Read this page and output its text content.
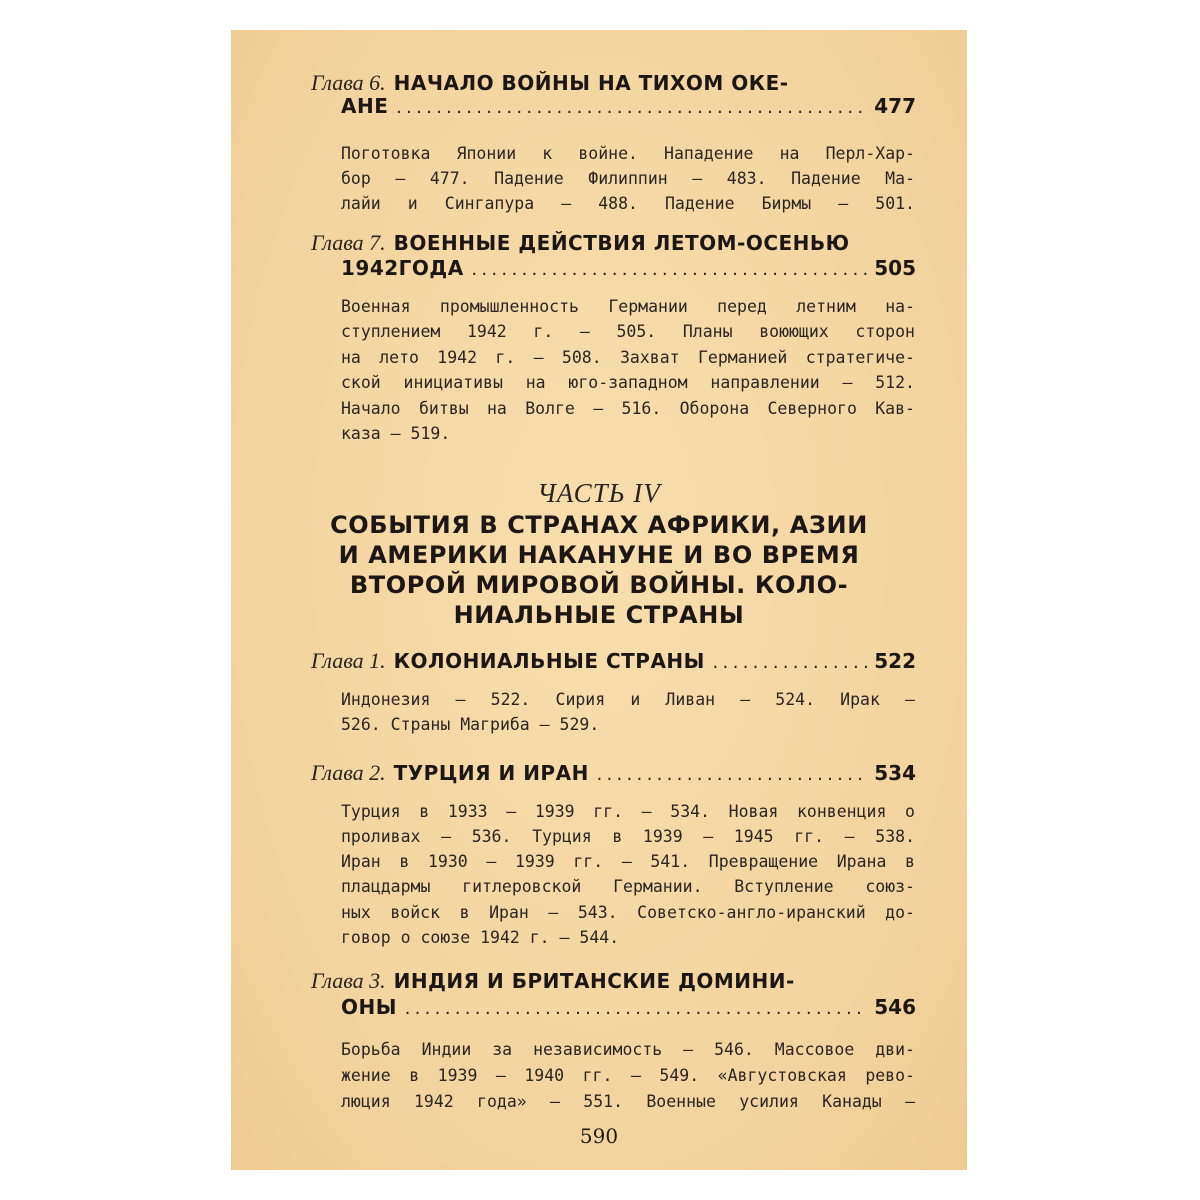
Глава 6. НАЧАЛО ВОЙНЫ НА ТИХОМ ОКЕ-
АНЕ .....	477
Поготовка Японии к войне. Нападение на Перл-Хар-
бор — 477. Падение Филиппин — 483. Падение Ма-
лайи и Сингапура — 488. Падение Бирмы — 501.
Глава 7. ВОЕННЫЕ ДЕЙСТВИЯ ЛЕТОМ-ОСЕНЬЮ
1942ГОДА .....	505
Военная промышленность Германии перед летним на-
ступлением 1942 г. — 505. Планы воюющих сторон
на лето 1942 г. — 508. Захват Германией стратегиче-
ской инициативы на юго-западном направлении — 512.
Начало битвы на Волге — 516. Оборона Северного Кав-
каза — 519.
ЧАСТЬ IV
СОБЫТИЯ В СТРАНАХ АФРИКИ, АЗИИ
И АМЕРИКИ НАКАНУНЕ И ВО ВРЕМЯ
ВТОРОЙ МИРОВОЙ ВОЙНЫ. КОЛО-
НИАЛЬНЫЕ СТРАНЫ
Глава 1. КОЛОНИАЛЬНЫЕ СТРАНЫ .....	522
Индонезия — 522. Сирия и Ливан — 524. Ирак —
526. Страны Магриба — 529.
Глава 2. ТУРЦИЯ И ИРАН .....	534
Турция в 1933 — 1939 гг. — 534. Новая конвенция о
проливах — 536. Турция в 1939 — 1945 гг. — 538.
Иран в 1930 — 1939 гг. — 541. Превращение Ирана в
плацдармы гитлеровской Германии. Вступление союз-
ных войск в Иран — 543. Советско-англо-иранский до-
говор о союзе 1942 г. — 544.
Глава 3. ИНДИЯ И БРИТАНСКИЕ ДОМИНИ-
ОНЫ .....	546
Борьба Индии за независимость — 546. Массовое дви-
жение в 1939 — 1940 гг. — 549. «Августовская рево-
люция 1942 года» — 551. Военные усилия Канады —
590
